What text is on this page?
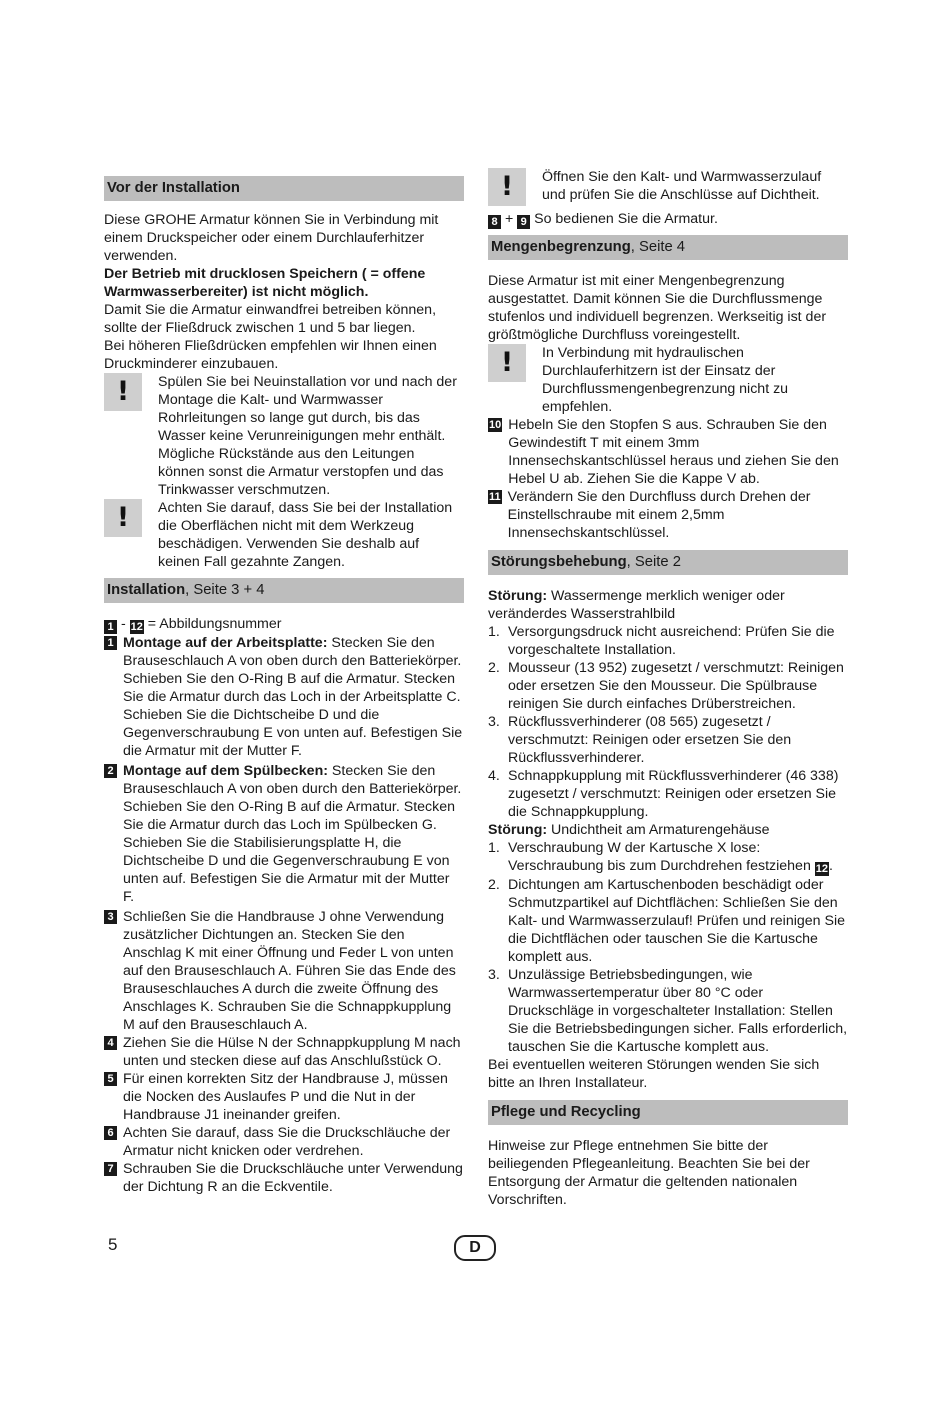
Vor der Installation

Diese GROHE Armatur können Sie in Verbindung mit einem Druckspeicher oder einem Durchlauferhitzer verwenden.

Der Betrieb mit drucklosen Speichern ( = offene Warmwasserbereiter) ist nicht möglich.

Damit Sie die Armatur einwandfrei betreiben können, sollte der Fließdruck zwischen 1 und 5 bar liegen.

Bei höheren Fließdrücken empfehlen wir Ihnen einen Druckminderer einzubauen.

!	Spülen Sie bei Neuinstallation vor und nach der Montage die Kalt- und Warmwasser Rohrleitungen so lange gut durch, bis das Wasser keine Verunreinigungen mehr enthält. Mögliche Rückstände aus den Leitungen können sonst die Armatur verstopfen und das Trinkwasser verschmutzen.

!	Achten Sie darauf, dass Sie bei der Installation die Oberflächen nicht mit dem Werkzeug beschädigen. Verwenden Sie deshalb auf keinen Fall gezahnte Zangen.

Installation, Seite 3 + 4

1 - 12 = Abbildungsnummer

1 Montage auf der Arbeitsplatte: Stecken Sie den Brauseschlauch A von oben durch den Batteriekörper. Schieben Sie den O-Ring B auf die Armatur. Stecken Sie die Armatur durch das Loch in der Arbeitsplatte C. Schieben Sie die Dichtscheibe D und die Gegenverschraubung E von unten auf. Befestigen Sie die Armatur mit der Mutter F.

2 Montage auf dem Spülbecken: Stecken Sie den Brauseschlauch A von oben durch den Batteriekörper. Schieben Sie den O-Ring B auf die Armatur. Stecken Sie die Armatur durch das Loch im Spülbecken G. Schieben Sie die Stabilisierungsplatte H, die Dichtscheibe D und die Gegenverschraubung E von unten auf. Befestigen Sie die Armatur mit der Mutter F.

3 Schließen Sie die Handbrause J ohne Verwendung zusätzlicher Dichtungen an. Stecken Sie den Anschlag K mit einer Öffnung und Feder L von unten auf den Brauseschlauch A. Führen Sie das Ende des Brauseschlauches A durch die zweite Öffnung des Anschlages K. Schrauben Sie die Schnappkupplung M auf den Brauseschlauch A.

4 Ziehen Sie die Hülse N der Schnappkupplung M nach unten und stecken diese auf das Anschlußstück O.

5 Für einen korrekten Sitz der Handbrause J, müssen die Nocken des Auslaufes P und die Nut in der Handbrause J1 ineinander greifen.

6 Achten Sie darauf, dass Sie die Druckschläuche der Armatur nicht knicken oder verdrehen.

7 Schrauben Sie die Druckschläuche unter Verwendung der Dichtung R an die Eckventile.

!	Öffnen Sie den Kalt- und Warmwasserzulauf und prüfen Sie die Anschlüsse auf Dichtheit.

8 + 9 So bedienen Sie die Armatur.

Mengenbegrenzung, Seite 4

Diese Armatur ist mit einer Mengenbegrenzung ausgestattet. Damit können Sie die Durchflussmenge stufenlos und individuell begrenzen. Werkseitig ist der größtmögliche Durchfluss voreingestellt.

!	In Verbindung mit hydraulischen Durchlauferhitzern ist der Einsatz der Durchflussmengenbegrenzung nicht zu empfehlen.

10 Hebeln Sie den Stopfen S aus. Schrauben Sie den Gewindestift T mit einem 3mm Innensechskantschlüssel heraus und ziehen Sie den Hebel U ab. Ziehen Sie die Kappe V ab.

11 Verändern Sie den Durchfluss durch Drehen der Einstellschraube mit einem 2,5mm Innensechskantschlüssel.

Störungsbehebung, Seite 2

Störung: Wassermenge merklich weniger oder veränderdes Wasserstrahlbild

1. Versorgungsdruck nicht ausreichend: Prüfen Sie die vorgeschaltete Installation.

2. Mousseur (13 952) zugesetzt / verschmutzt: Reinigen oder ersetzen Sie den Mousseur. Die Spülbrause reinigen Sie durch einfaches Drüberstreichen.

3. Rückflussverhinderer (08 565) zugesetzt / verschmutzt: Reinigen oder ersetzen Sie den Rückflussverhinderer.

4. Schnappkupplung mit Rückflussverhinderer (46 338) zugesetzt / verschmutzt: Reinigen oder ersetzen Sie die Schnappkupplung.

Störung: Undichtheit am Armaturengehäuse

1. Verschraubung W der Kartusche X lose: Verschraubung bis zum Durchdrehen festziehen 12.

2. Dichtungen am Kartuschenboden beschädigt oder Schmutzpartikel auf Dichtflächen: Schließen Sie den Kalt- und Warmwasserzulauf! Prüfen und reinigen Sie die Dichtflächen oder tauschen Sie die Kartusche komplett aus.

3. Unzulässige Betriebsbedingungen, wie Warmwassertemperatur über 80 °C oder Druckschläge in vorgeschalteter Installation: Stellen Sie die Betriebsbedingungen sicher. Falls erforderlich, tauschen Sie die Kartusche komplett aus.

Bei eventuellen weiteren Störungen wenden Sie sich bitte an Ihren Installateur.

Pflege und Recycling

Hinweise zur Pflege entnehmen Sie bitte der beiliegenden Pflegeanleitung. Beachten Sie bei der Entsorgung der Armatur die geltenden nationalen Vorschriften.

5	D
